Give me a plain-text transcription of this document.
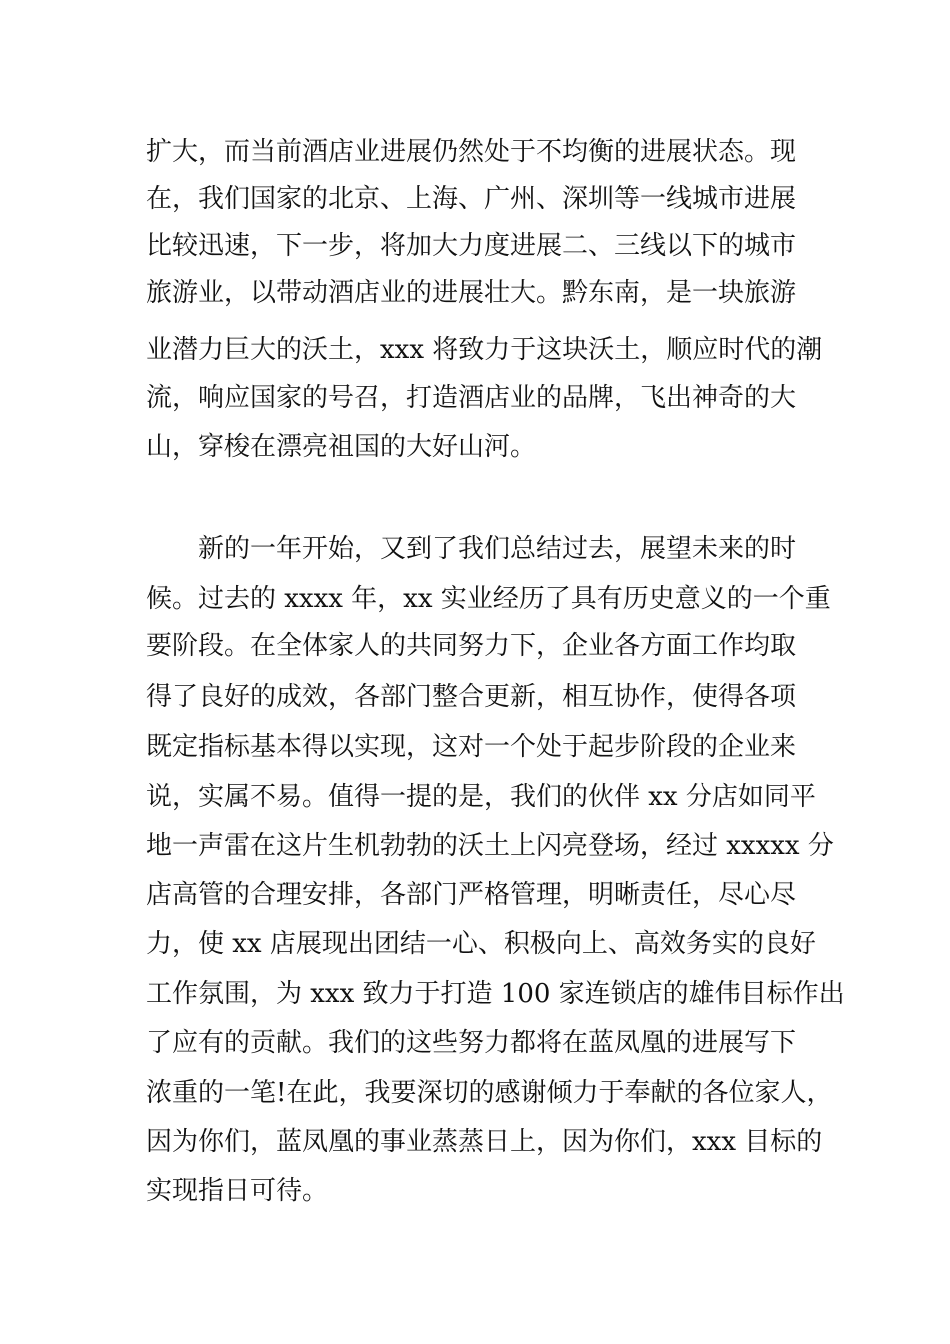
扩大，而当前酒店业进展仍然处于不均衡的进展状态。现
在，我们国家的北京、上海、广州、深圳等一线城市进展
比较迅速，下一步，将加大力度进展二、三线以下的城市
旅游业，以带动酒店业的进展壮大。黔东南，是一块旅游
业潜力巨大的沃土，xxx 将致力于这块沃土，顺应时代的潮
流，响应国家的号召，打造酒店业的品牌，飞出神奇的大
山，穿梭在漂亮祖国的大好山河。
新的一年开始，又到了我们总结过去，展望未来的时
候。过去的 xxxx 年，xx 实业经历了具有历史意义的一个重
要阶段。在全体家人的共同努力下，企业各方面工作均取
得了良好的成效，各部门整合更新，相互协作，使得各项
既定指标基本得以实现，这对一个处于起步阶段的企业来
说，实属不易。值得一提的是，我们的伙伴 xx 分店如同平
地一声雷在这片生机勃勃的沃土上闪亮登场，经过 xxxxx 分
店高管的合理安排，各部门严格管理，明晰责任，尽心尽
力，使 xx 店展现出团结一心、积极向上、高效务实的良好
工作氛围，为 xxx 致力于打造 100 家连锁店的雄伟目标作出
了应有的贡献。我们的这些努力都将在蓝凤凰的进展写下
浓重的一笔!在此，我要深切的感谢倾力于奉献的各位家人，
因为你们，蓝凤凰的事业蒸蒸日上，因为你们，xxx 目标的
实现指日可待。
